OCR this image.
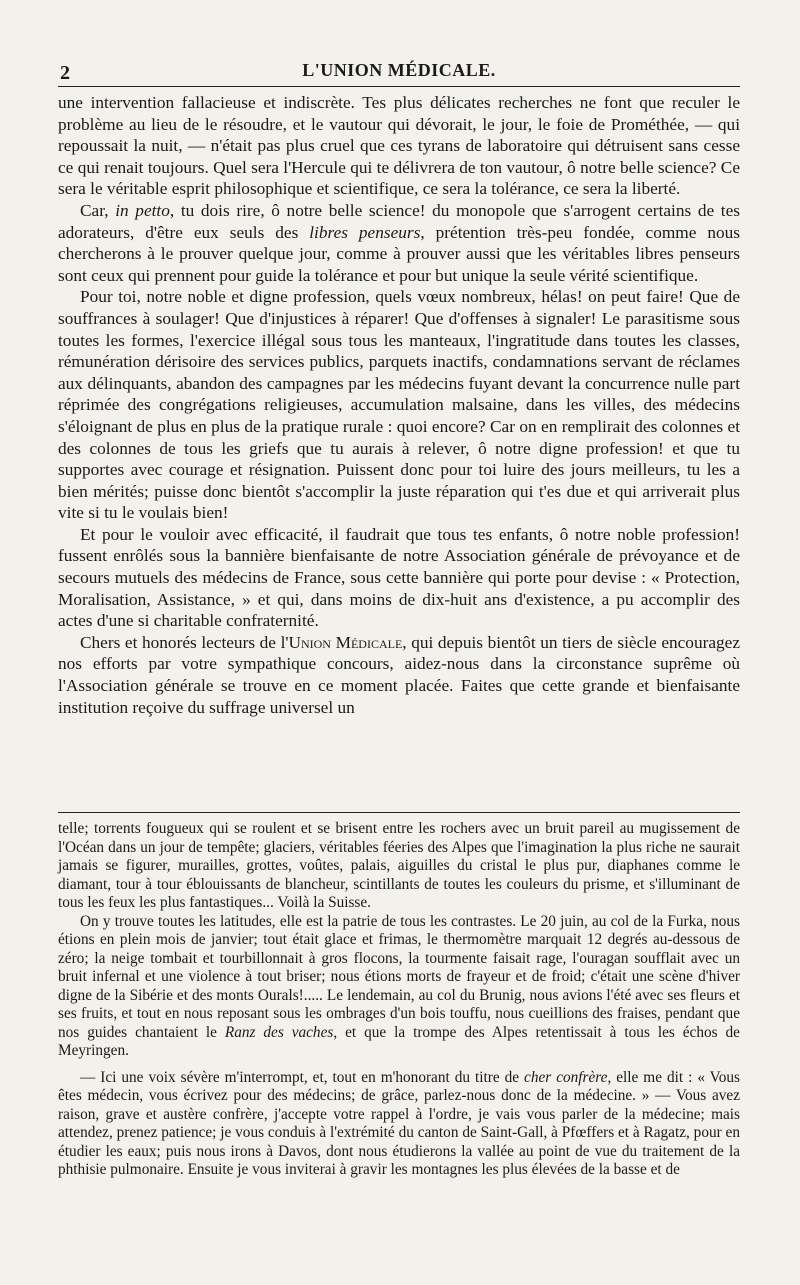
2	L'UNION MÉDICALE.

une intervention fallacieuse et indiscrète. Tes plus délicates recherches ne font que reculer le problème au lieu de le résoudre, et le vautour qui dévorait, le jour, le foie de Prométhée, — qui repoussait la nuit, — n'était pas plus cruel que ces tyrans de laboratoire qui détruisent sans cesse ce qui renait toujours. Quel sera l'Hercule qui te délivrera de ton vautour, ô notre belle science? Ce sera le véritable esprit philosophique et scientifique, ce sera la tolérance, ce sera la liberté.

Car, in petto, tu dois rire, ô notre belle science! du monopole que s'arrogent certains de tes adorateurs, d'être eux seuls des libres penseurs, prétention très-peu fondée, comme nous chercherons à le prouver quelque jour, comme à prouver aussi que les véritables libres penseurs sont ceux qui prennent pour guide la tolérance et pour but unique la seule vérité scientifique.

Pour toi, notre noble et digne profession, quels vœux nombreux, hélas! on peut faire! Que de souffrances à soulager! Que d'injustices à réparer! Que d'offenses à signaler! Le parasitisme sous toutes les formes, l'exercice illégal sous tous les manteaux, l'ingratitude dans toutes les classes, rémunération dérisoire des services publics, parquets inactifs, condamnations servant de réclames aux délinquants, abandon des campagnes par les médecins fuyant devant la concurrence nulle part réprimée des congrégations religieuses, accumulation malsaine, dans les villes, des médecins s'éloignant de plus en plus de la pratique rurale : quoi encore? Car on en remplirait des colonnes et des colonnes de tous les griefs que tu aurais à relever, ô notre digne profession! et que tu supportes avec courage et résignation. Puissent donc pour toi luire des jours meilleurs, tu les a bien mérités; puisse donc bientôt s'accomplir la juste réparation qui t'es due et qui arriverait plus vite si tu le voulais bien!

Et pour le vouloir avec efficacité, il faudrait que tous tes enfants, ô notre noble profession! fussent enrôlés sous la bannière bienfaisante de notre Association générale de prévoyance et de secours mutuels des médecins de France, sous cette bannière qui porte pour devise : « Protection, Moralisation, Assistance, » et qui, dans moins de dix-huit ans d'existence, a pu accomplir des actes d'une si charitable confraternité.

Chers et honorés lecteurs de l'Union Médicale, qui depuis bientôt un tiers de siècle encouragez nos efforts par votre sympathique concours, aidez-nous dans la circonstance suprême où l'Association générale se trouve en ce moment placée. Faites que cette grande et bienfaisante institution reçoive du suffrage universel un

telle; torrents fougueux qui se roulent et se brisent entre les rochers avec un bruit pareil au mugissement de l'Océan dans un jour de tempête; glaciers, véritables féeries des Alpes que l'imagination la plus riche ne saurait jamais se figurer, murailles, grottes, voûtes, palais, aiguilles du cristal le plus pur, diaphanes comme le diamant, tour à tour éblouissants de blancheur, scintillants de toutes les couleurs du prisme, et s'illuminant de tous les feux les plus fantastiques... Voilà la Suisse.

On y trouve toutes les latitudes, elle est la patrie de tous les contrastes. Le 20 juin, au col de la Furka, nous étions en plein mois de janvier; tout était glace et frimas, le thermomètre marquait 12 degrés au-dessous de zéro; la neige tombait et tourbillonnait à gros flocons, la tourmente faisait rage, l'ouragan soufflait avec un bruit infernal et une violence à tout briser; nous étions morts de frayeur et de froid; c'était une scène d'hiver digne de la Sibérie et des monts Ourals!..... Le lendemain, au col du Brunig, nous avions l'été avec ses fleurs et ses fruits, et tout en nous reposant sous les ombrages d'un bois touffu, nous cueillions des fraises, pendant que nos guides chantaient le Ranz des vaches, et que la trompe des Alpes retentissait à tous les échos de Meyringen.

— Ici une voix sévère m'interrompt, et, tout en m'honorant du titre de cher confrère, elle me dit : « Vous êtes médecin, vous écrivez pour des médecins; de grâce, parlez-nous donc de la médecine. » — Vous avez raison, grave et austère confrère, j'accepte votre rappel à l'ordre, je vais vous parler de la médecine; mais attendez, prenez patience; je vous conduis à l'extrémité du canton de Saint-Gall, à Pfœffers et à Ragatz, pour en étudier les eaux; puis nous irons à Davos, dont nous étudierons la vallée au point de vue du traitement de la phthisie pulmonaire. Ensuite je vous inviterai à gravir les montagnes les plus élevées de la basse et de
